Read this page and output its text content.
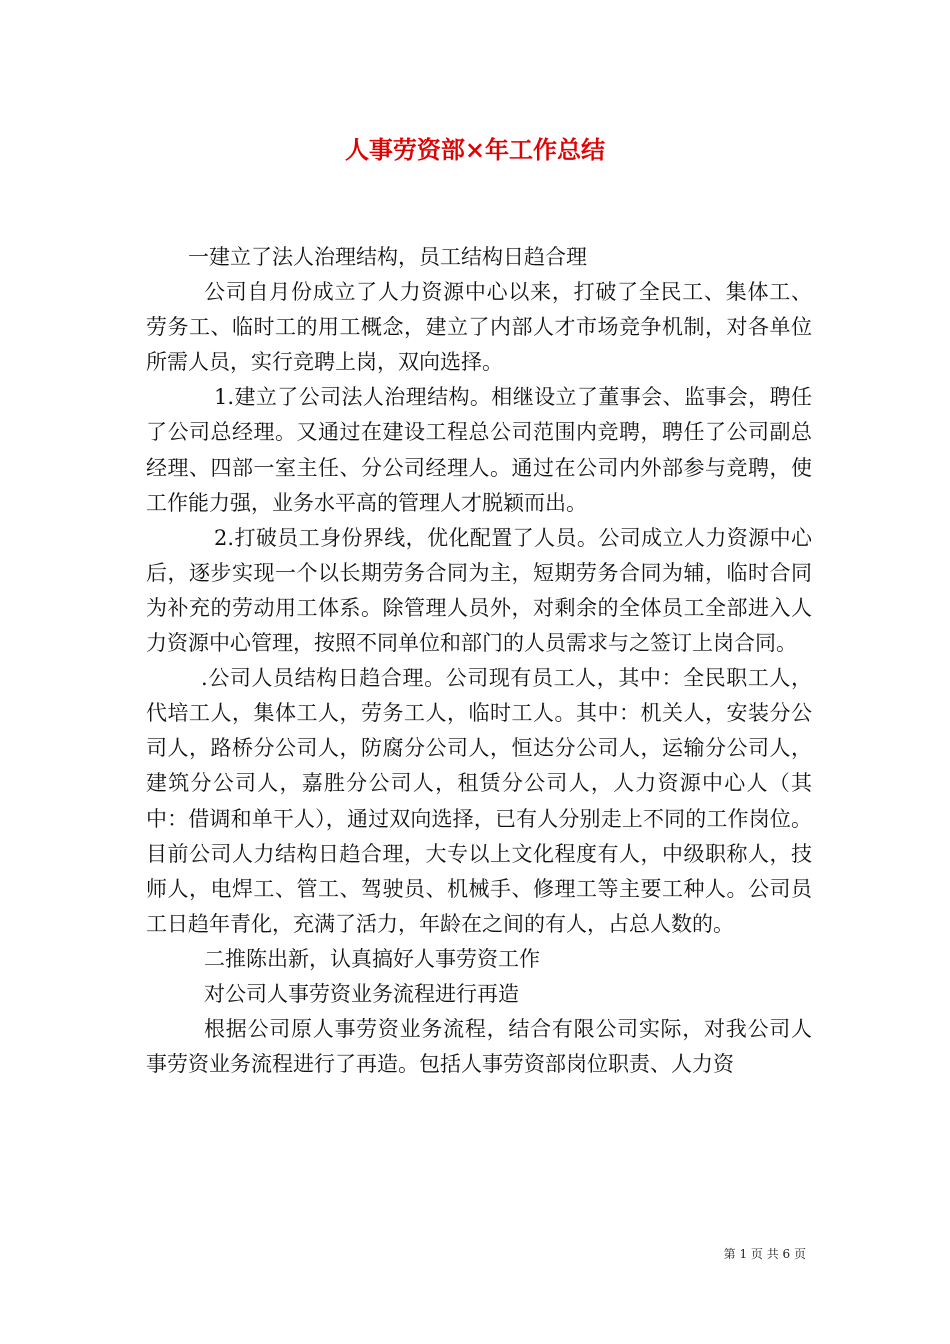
人事劳资部×年工作总结

一建立了法人治理结构，员工结构日趋合理

公司自月份成立了人力资源中心以来，打破了全民工、集体工、劳务工、临时工的用工概念，建立了内部人才市场竞争机制，对各单位所需人员，实行竞聘上岗，双向选择。

1.建立了公司法人治理结构。相继设立了董事会、监事会，聘任了公司总经理。又通过在建设工程总公司范围内竞聘，聘任了公司副总经理、四部一室主任、分公司经理人。通过在公司内外部参与竞聘，使工作能力强，业务水平高的管理人才脱颖而出。

2.打破员工身份界线，优化配置了人员。公司成立人力资源中心后，逐步实现一个以长期劳务合同为主，短期劳务合同为辅，临时合同为补充的劳动用工体系。除管理人员外，对剩余的全体员工全部进入人力资源中心管理，按照不同单位和部门的人员需求与之签订上岗合同。

.公司人员结构日趋合理。公司现有员工人，其中：全民职工人，代培工人，集体工人，劳务工人，临时工人。其中：机关人，安装分公司人，路桥分公司人，防腐分公司人，恒达分公司人，运输分公司人，建筑分公司人，嘉胜分公司人，租赁分公司人，人力资源中心人（其中：借调和单干人），通过双向选择，已有人分别走上不同的工作岗位。目前公司人力结构日趋合理，大专以上文化程度有人，中级职称人，技师人，电焊工、管工、驾驶员、机械手、修理工等主要工种人。公司员工日趋年青化，充满了活力，年龄在之间的有人，占总人数的。

二推陈出新，认真搞好人事劳资工作

对公司人事劳资业务流程进行再造

根据公司原人事劳资业务流程，结合有限公司实际，对我公司人事劳资业务流程进行了再造。包括人事劳资部岗位职责、人力资

第 1 页 共 6 页
